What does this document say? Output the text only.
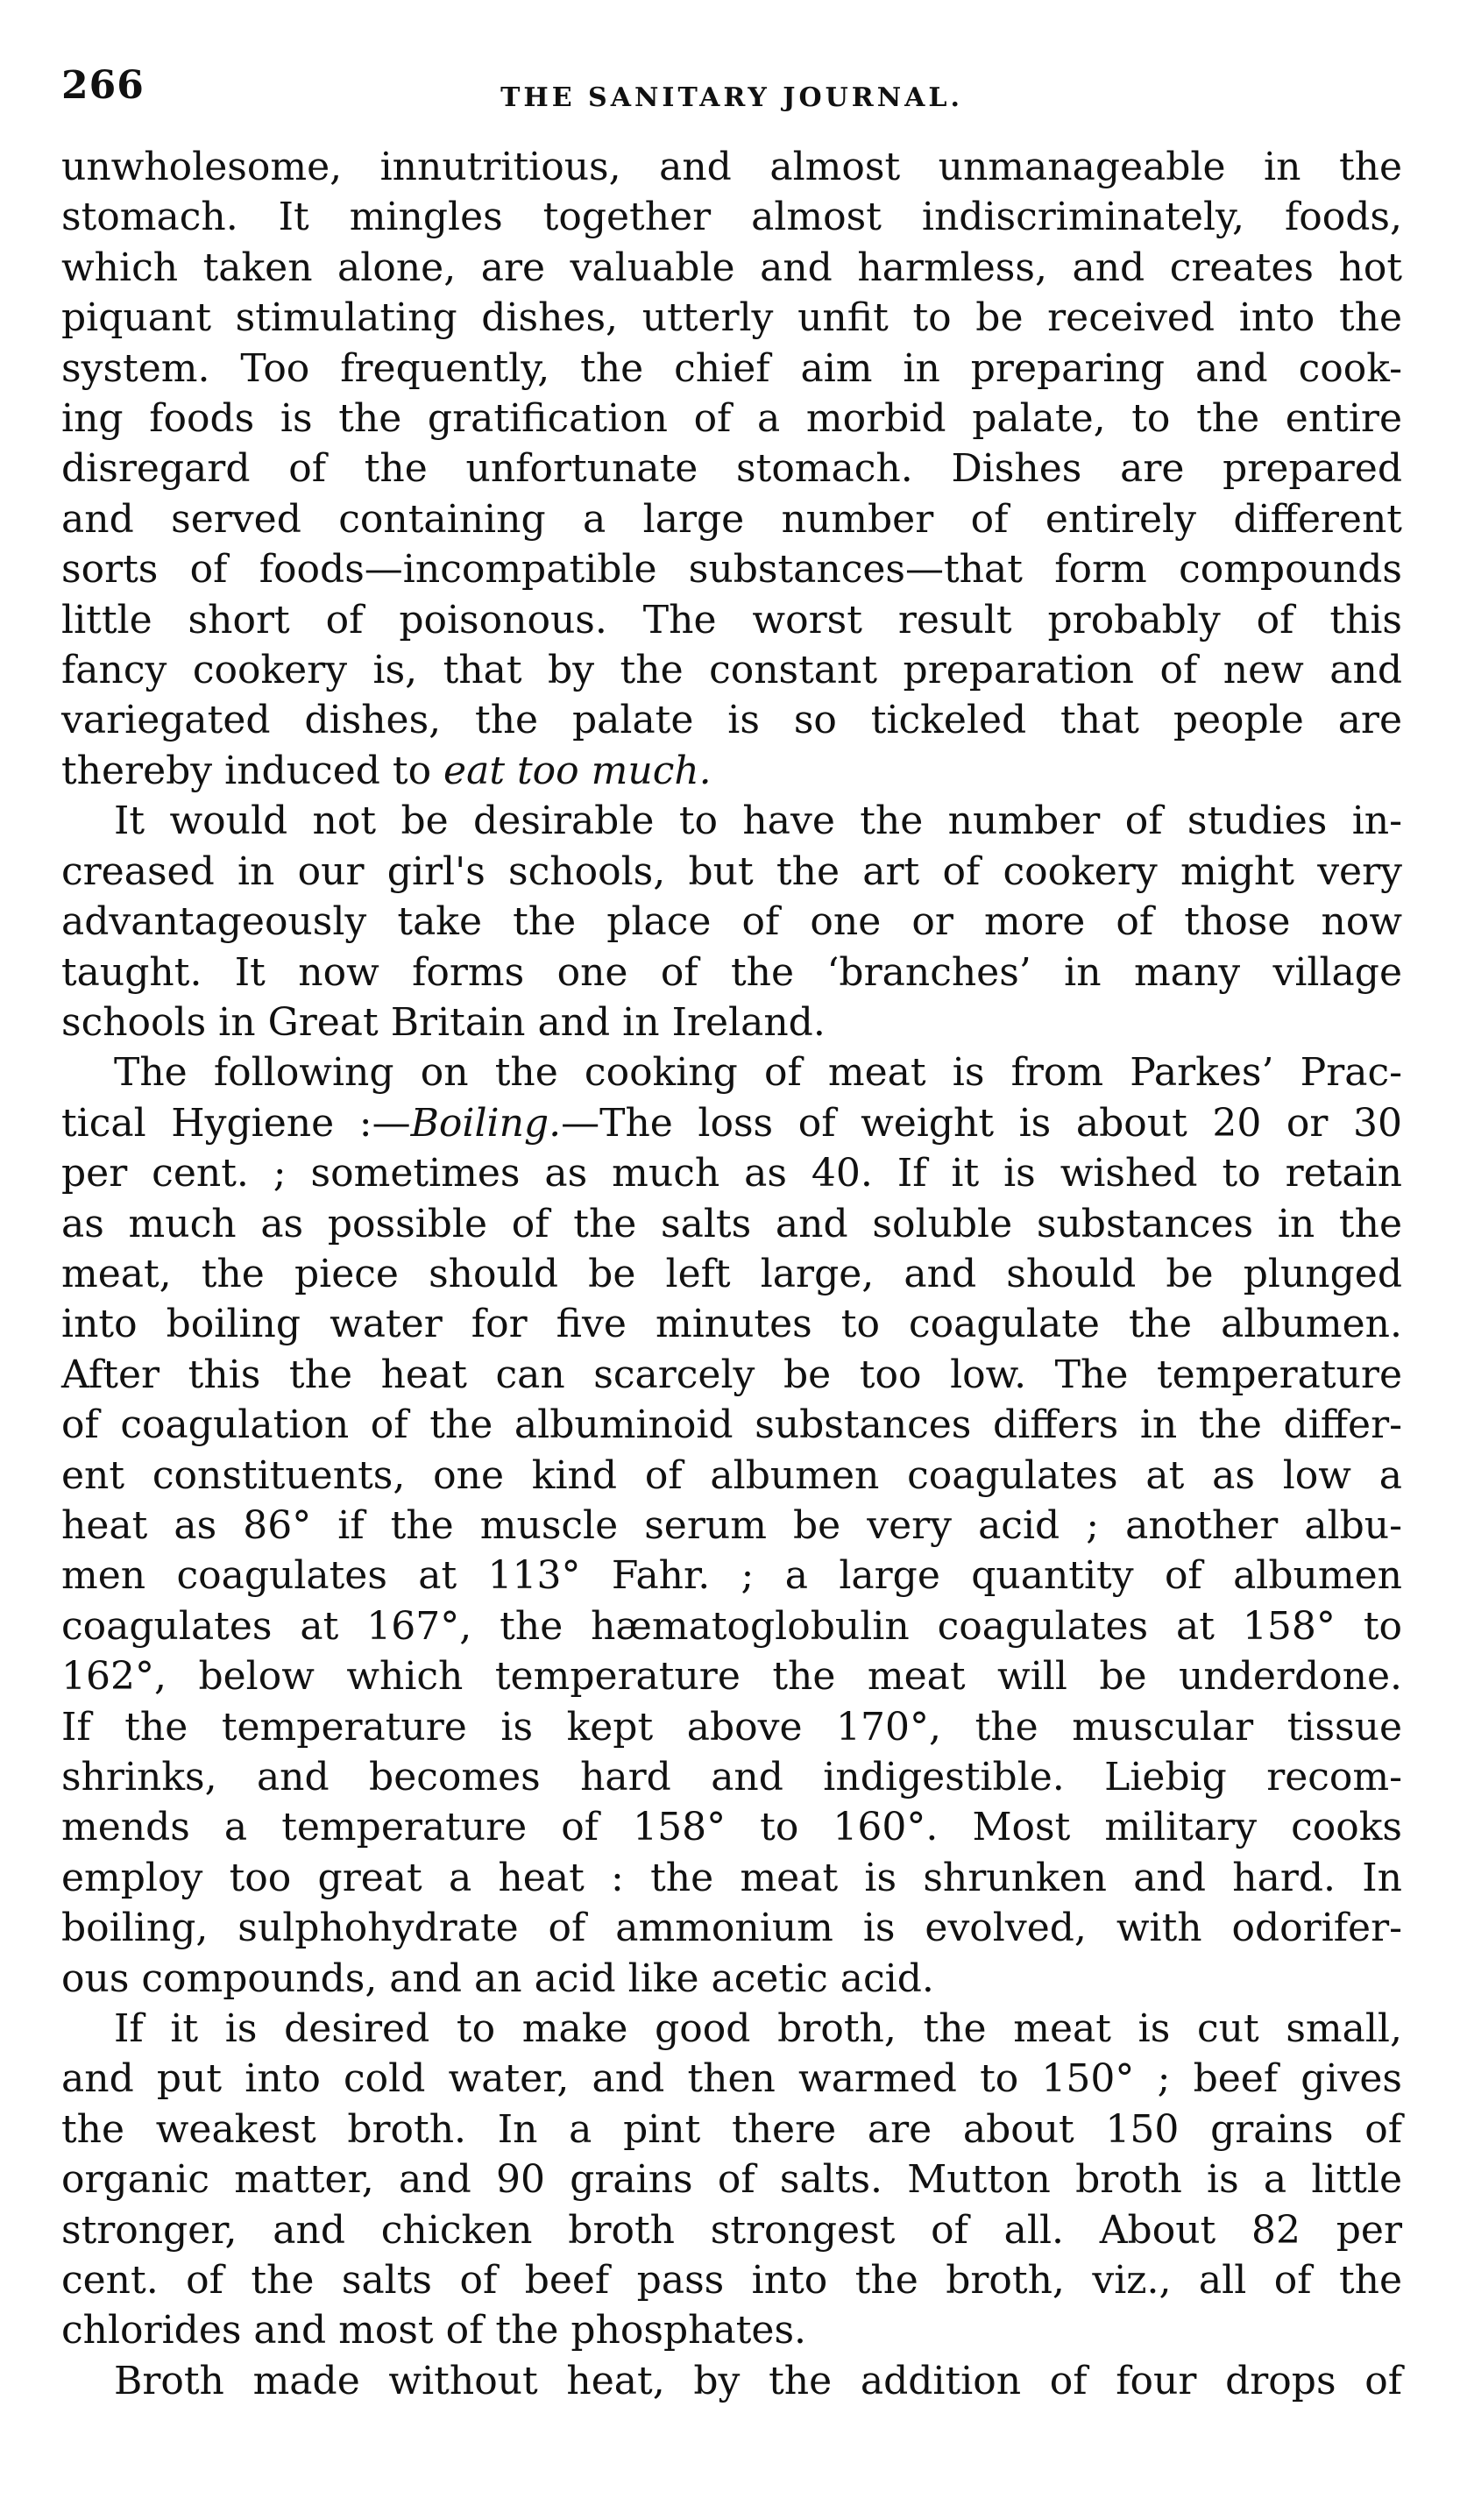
266	THE SANITARY JOURNAL.

unwholesome, innutritious, and almost unmanageable in the

stomach. It mingles together almost indiscriminately, foods,

which taken alone, are valuable and harmless, and creates hot

piquant stimulating dishes, utterly unfit to be received into the

system. Too frequently, the chief aim in preparing and cook-

ing foods is the gratification of a morbid palate, to the entire

disregard of the unfortunate stomach. Dishes are prepared

and served containing a large number of entirely different

sorts of foods—incompatible substances—that form compounds

little short of poisonous. The worst result probably of this

fancy cookery is, that by the constant preparation of new and

variegated dishes, the palate is so tickeled that people are

thereby induced to eat too much.

It would not be desirable to have the number of studies in-

creased in our girl's schools, but the art of cookery might very

advantageously take the place of one or more of those now

taught. It now forms one of the ‘branches’ in many village

schools in Great Britain and in Ireland.

The following on the cooking of meat is from Parkes’ Prac-

tical Hygiene :—Boiling.—The loss of weight is about 20 or 30

per cent. ; sometimes as much as 40. If it is wished to retain

as much as possible of the salts and soluble substances in the

meat, the piece should be left large, and should be plunged

into boiling water for five minutes to coagulate the albumen.

After this the heat can scarcely be too low. The temperature

of coagulation of the albuminoid substances differs in the differ-

ent constituents, one kind of albumen coagulates at as low a

heat as 86° if the muscle serum be very acid ; another albu-

men coagulates at 113° Fahr. ; a large quantity of albumen

coagulates at 167°, the hæmatoglobulin coagulates at 158° to

162°, below which temperature the meat will be underdone.

If the temperature is kept above 170°, the muscular tissue

shrinks, and becomes hard and indigestible. Liebig recom-

mends a temperature of 158° to 160°. Most military cooks

employ too great a heat : the meat is shrunken and hard. In

boiling, sulphohydrate of ammonium is evolved, with odorifer-

ous compounds, and an acid like acetic acid.

If it is desired to make good broth, the meat is cut small,

and put into cold water, and then warmed to 150° ; beef gives

the weakest broth. In a pint there are about 150 grains of

organic matter, and 90 grains of salts. Mutton broth is a little

stronger, and chicken broth strongest of all. About 82 per

cent. of the salts of beef pass into the broth, viz., all of the

chlorides and most of the phosphates.

Broth made without heat, by the addition of four drops of
